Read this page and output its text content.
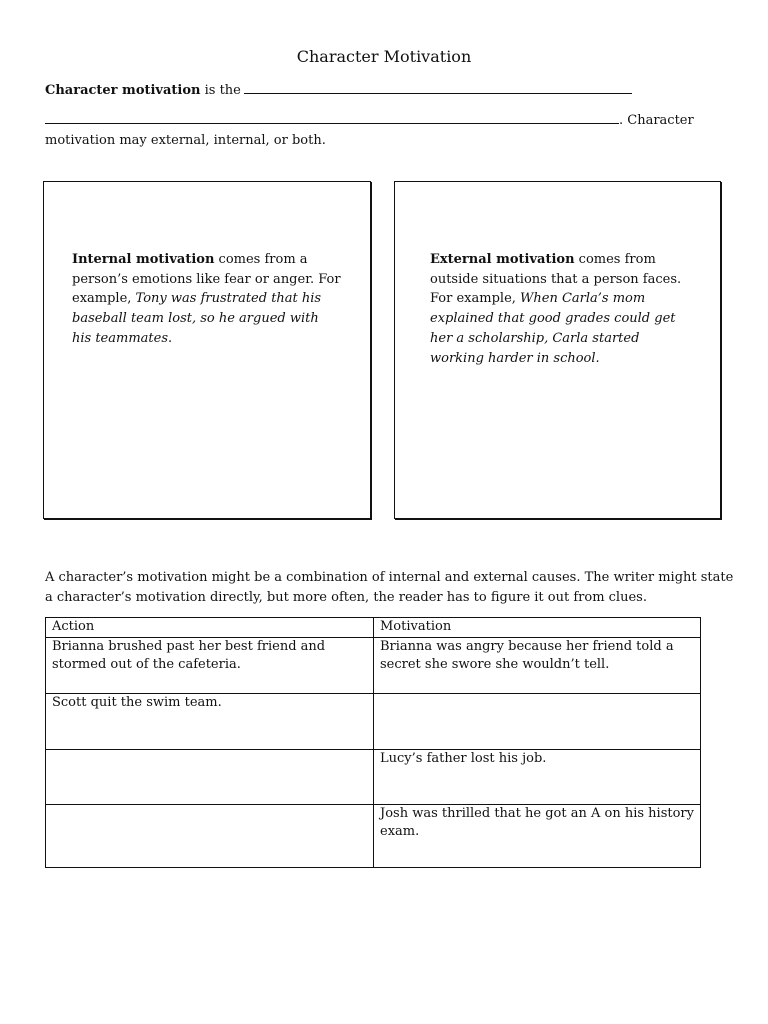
Character Motivation
Character motivation is the
. Character motivation may external, internal, or both.
Internal motivation comes from a person’s emotions like fear or anger. For example, Tony was frustrated that his baseball team lost, so he argued with his teammates.
External motivation comes from outside situations that a person faces. For example, When Carla’s mom explained that good grades could get her a scholarship, Carla started working harder in school.
A character’s motivation might be a combination of internal and external causes. The writer might state a character’s motivation directly, but more often, the reader has to figure it out from clues.
Action	Motivation
Brianna brushed past her best friend and stormed out of the cafeteria.	Brianna was angry because her friend told a secret she swore she wouldn’t tell.
Scott quit the swim team.	
	Lucy’s father lost his job.
	Josh was thrilled that he got an A on his history exam.
